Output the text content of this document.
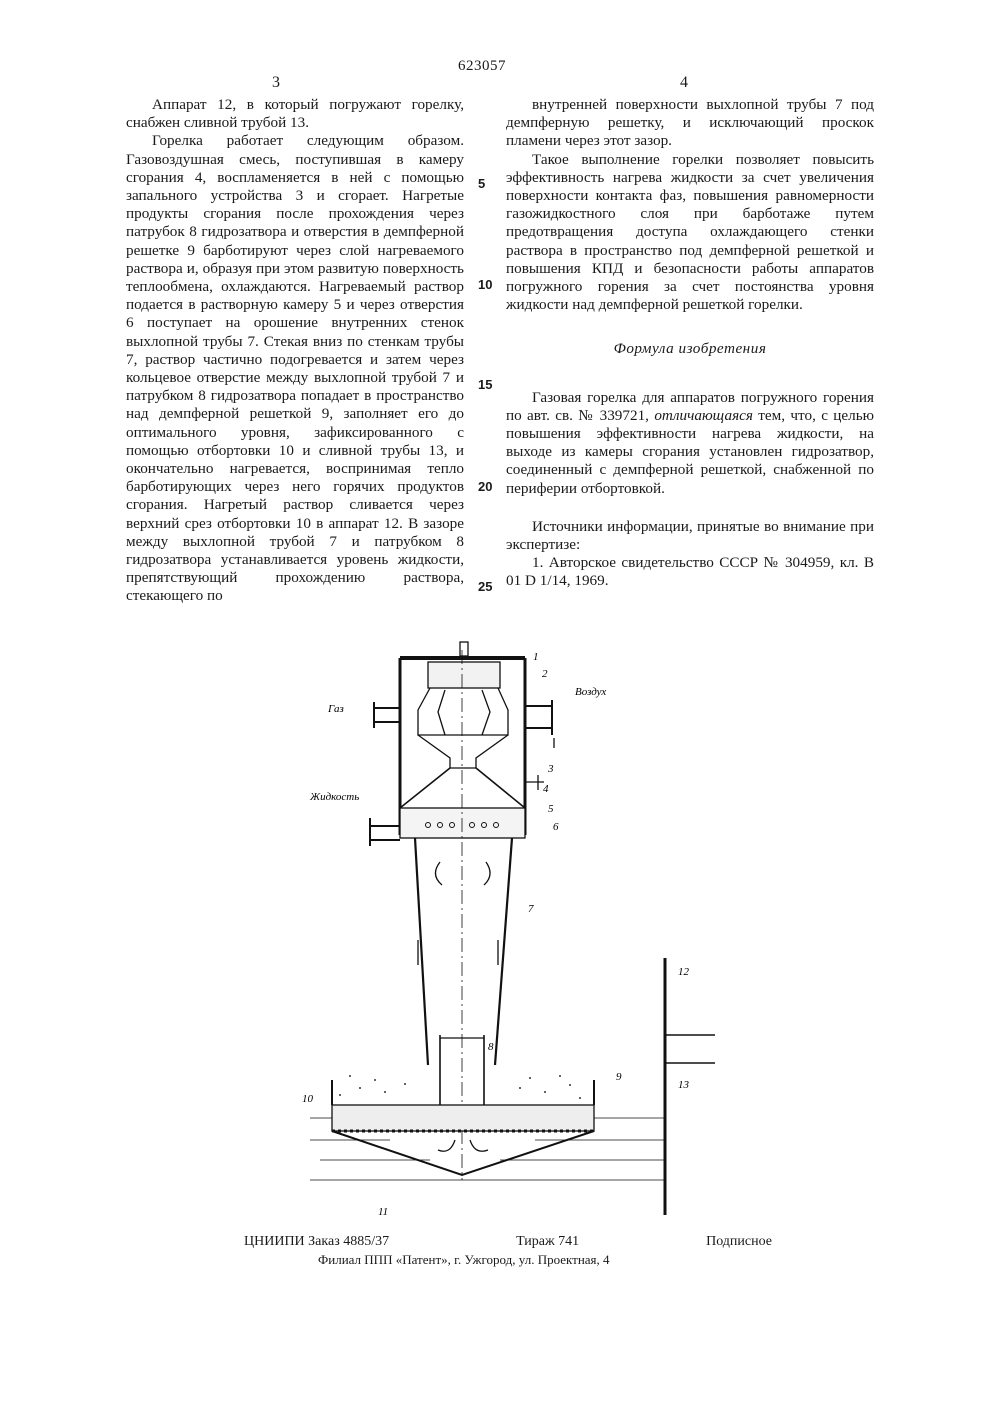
623057
3	4

Аппарат 12, в который погружают горелку, снабжен сливной трубой 13.

Горелка работает следующим образом. Газовоздушная смесь, поступившая в камеру сгорания 4, воспламеняется в ней с помощью запального устройства 3 и сгорает. Нагретые продукты сгорания после прохождения через патрубок 8 гидрозатвора и отверстия в демпферной решетке 9 барботируют через слой нагреваемого раствора и, образуя при этом развитую поверхность теплообмена, охлаждаются. Нагреваемый раствор подается в растворную камеру 5 и через отверстия 6 поступает на орошение внутренних стенок выхлопной трубы 7. Стекая вниз по стенкам трубы 7, раствор частично подогревается и затем через кольцевое отверстие между выхлопной трубой 7 и патрубком 8 гидрозатвора попадает в пространство над демпферной решеткой 9, заполняет его до оптимального уровня, зафиксированного с помощью отбортовки 10 и сливной трубы 13, и окончательно нагревается, воспринимая тепло барботирующих через него горячих продуктов сгорания. Нагретый раствор сливается через верхний срез отбортовки 10 в аппарат 12. В зазоре между выхлопной трубой 7 и патрубком 8 гидрозатвора устанавливается уровень жидкости, препятствующий прохождению раствора, стекающего по

5
10
15
20
25

внутренней поверхности выхлопной трубы 7 под демпферную решетку, и исключающий проскок пламени через этот зазор.

Такое выполнение горелки позволяет повысить эффективность нагрева жидкости за счет увеличения поверхности контакта фаз, повышения равномерности газожидкостного слоя при барботаже путем предотвращения доступа охлаждающего стенки раствора в пространство под демпферной решеткой и повышения КПД и безопасности работы аппаратов погружного горения за счет постоянства уровня жидкости над демпферной решеткой горелки.

Формула изобретения

Газовая горелка для аппаратов погружного горения по авт. св. № 339721, отличающаяся тем, что, с целью повышения эффективности нагрева жидкости, на выходе из камеры сгорания установлен гидрозатвор, соединенный с демпферной решеткой, снабженной по периферии отбортовкой.

Источники информации, принятые во внимание при экспертизе:

1. Авторское свидетельство СССР № 304959, кл. В 01 D 1/14, 1969.

Газ
Воздух
Жидкость
1
2
3
4
5
6
7
8
9
10
11
12
13
ЦНИИПИ Заказ 4885/37	Тираж 741	Подписное
Филиал ППП «Патент», г. Ужгород, ул. Проектная, 4
